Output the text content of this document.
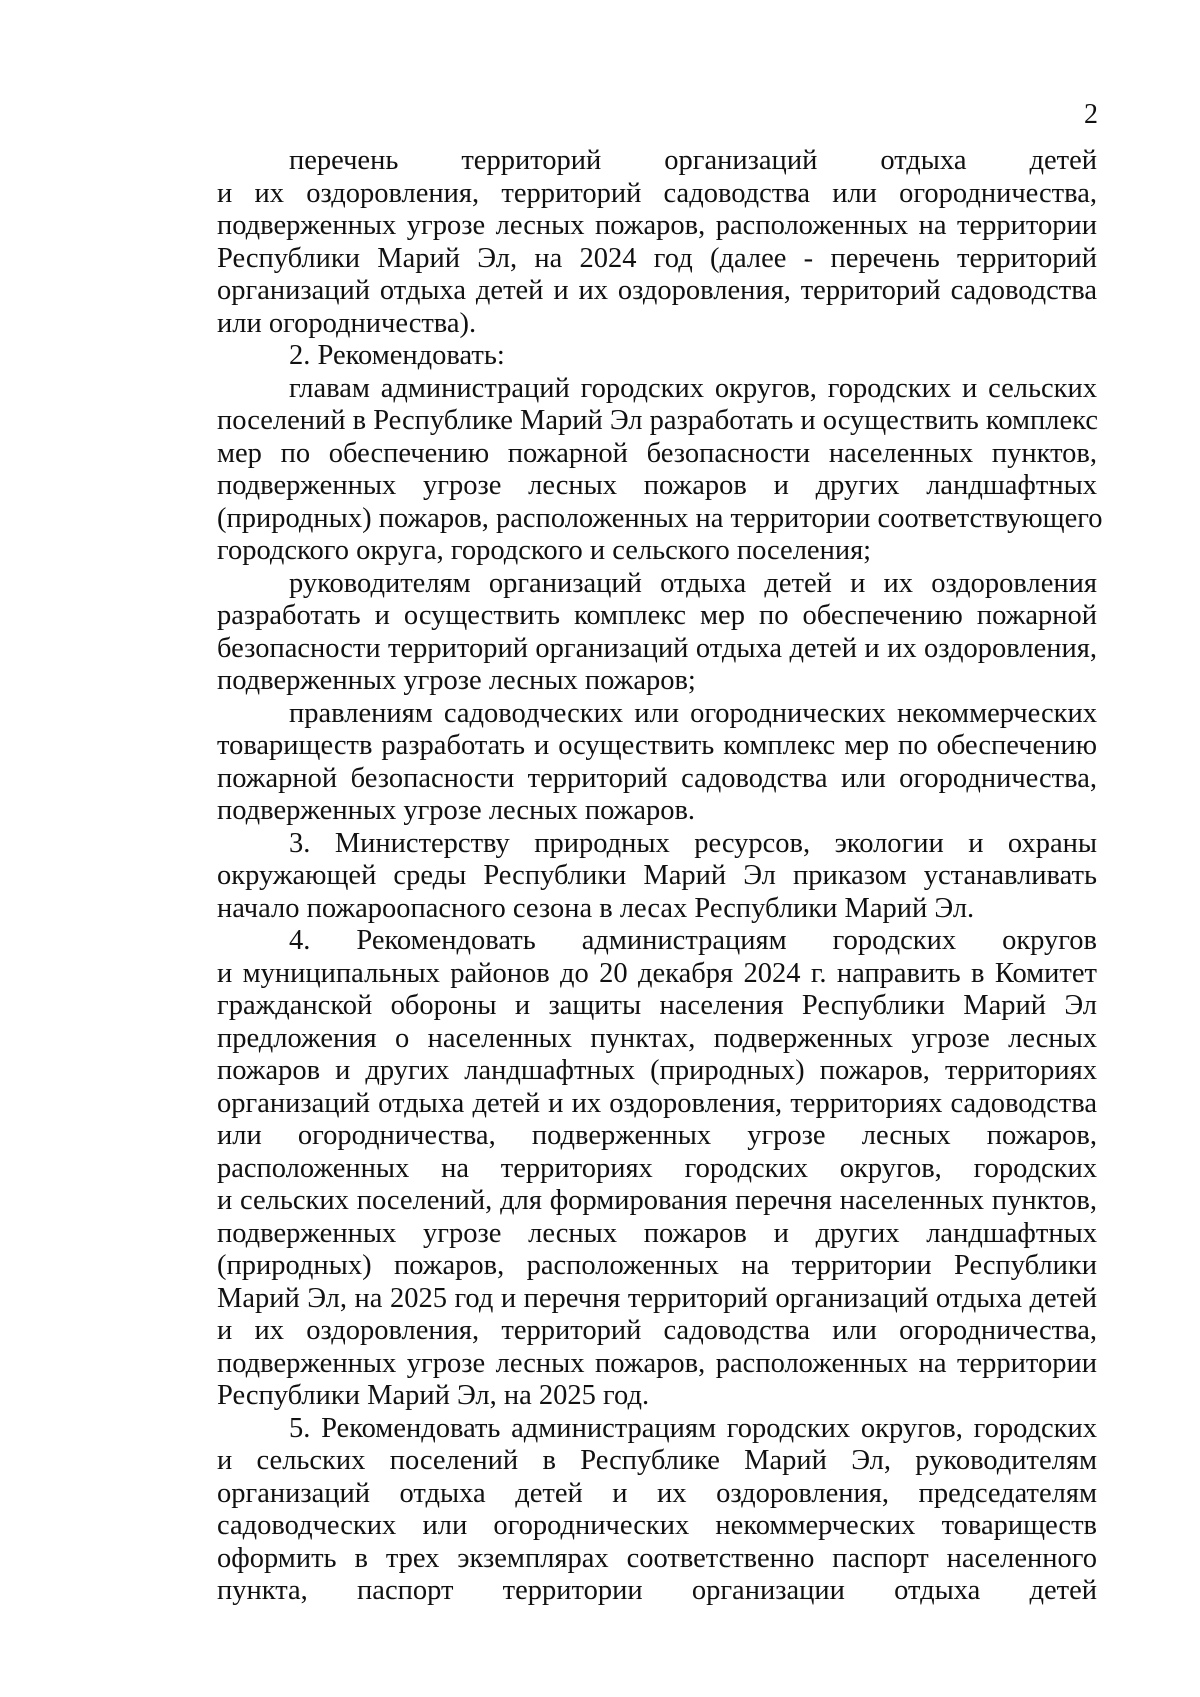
2

перечень территорий организаций отдыха детей
и их оздоровления, территорий садоводства или огородничества,
подверженных угрозе лесных пожаров, расположенных на территории
Республики Марий Эл, на 2024 год (далее - перечень территорий
организаций отдыха детей и их оздоровления, территорий садоводства
или огородничества).

2. Рекомендовать:

главам администраций городских округов, городских и сельских
поселений в Республике Марий Эл разработать и осуществить комплекс
мер по обеспечению пожарной безопасности населенных пунктов,
подверженных угрозе лесных пожаров и других ландшафтных
(природных) пожаров, расположенных на территории соответствующего
городского округа, городского и сельского поселения;

руководителям организаций отдыха детей и их оздоровления
разработать и осуществить комплекс мер по обеспечению пожарной
безопасности территорий организаций отдыха детей и их оздоровления,
подверженных угрозе лесных пожаров;

правлениям садоводческих или огороднических некоммерческих
товариществ разработать и осуществить комплекс мер по обеспечению
пожарной безопасности территорий садоводства или огородничества,
подверженных угрозе лесных пожаров.

3. Министерству природных ресурсов, экологии и охраны
окружающей среды Республики Марий Эл приказом устанавливать
начало пожароопасного сезона в лесах Республики Марий Эл.

4. Рекомендовать администрациям городских округов
и муниципальных районов до 20 декабря 2024 г. направить в Комитет
гражданской обороны и защиты населения Республики Марий Эл
предложения о населенных пунктах, подверженных угрозе лесных
пожаров и других ландшафтных (природных) пожаров, территориях
организаций отдыха детей и их оздоровления, территориях садоводства
или огородничества, подверженных угрозе лесных пожаров,
расположенных на территориях городских округов, городских
и сельских поселений, для формирования перечня населенных пунктов,
подверженных угрозе лесных пожаров и других ландшафтных
(природных) пожаров, расположенных на территории Республики
Марий Эл, на 2025 год и перечня территорий организаций отдыха детей
и их оздоровления, территорий садоводства или огородничества,
подверженных угрозе лесных пожаров, расположенных на территории
Республики Марий Эл, на 2025 год.

5. Рекомендовать администрациям городских округов, городских
и сельских поселений в Республике Марий Эл, руководителям
организаций отдыха детей и их оздоровления, председателям
садоводческих или огороднических некоммерческих товариществ
оформить в трех экземплярах соответственно паспорт населенного
пункта, паспорт территории организации отдыха детей
